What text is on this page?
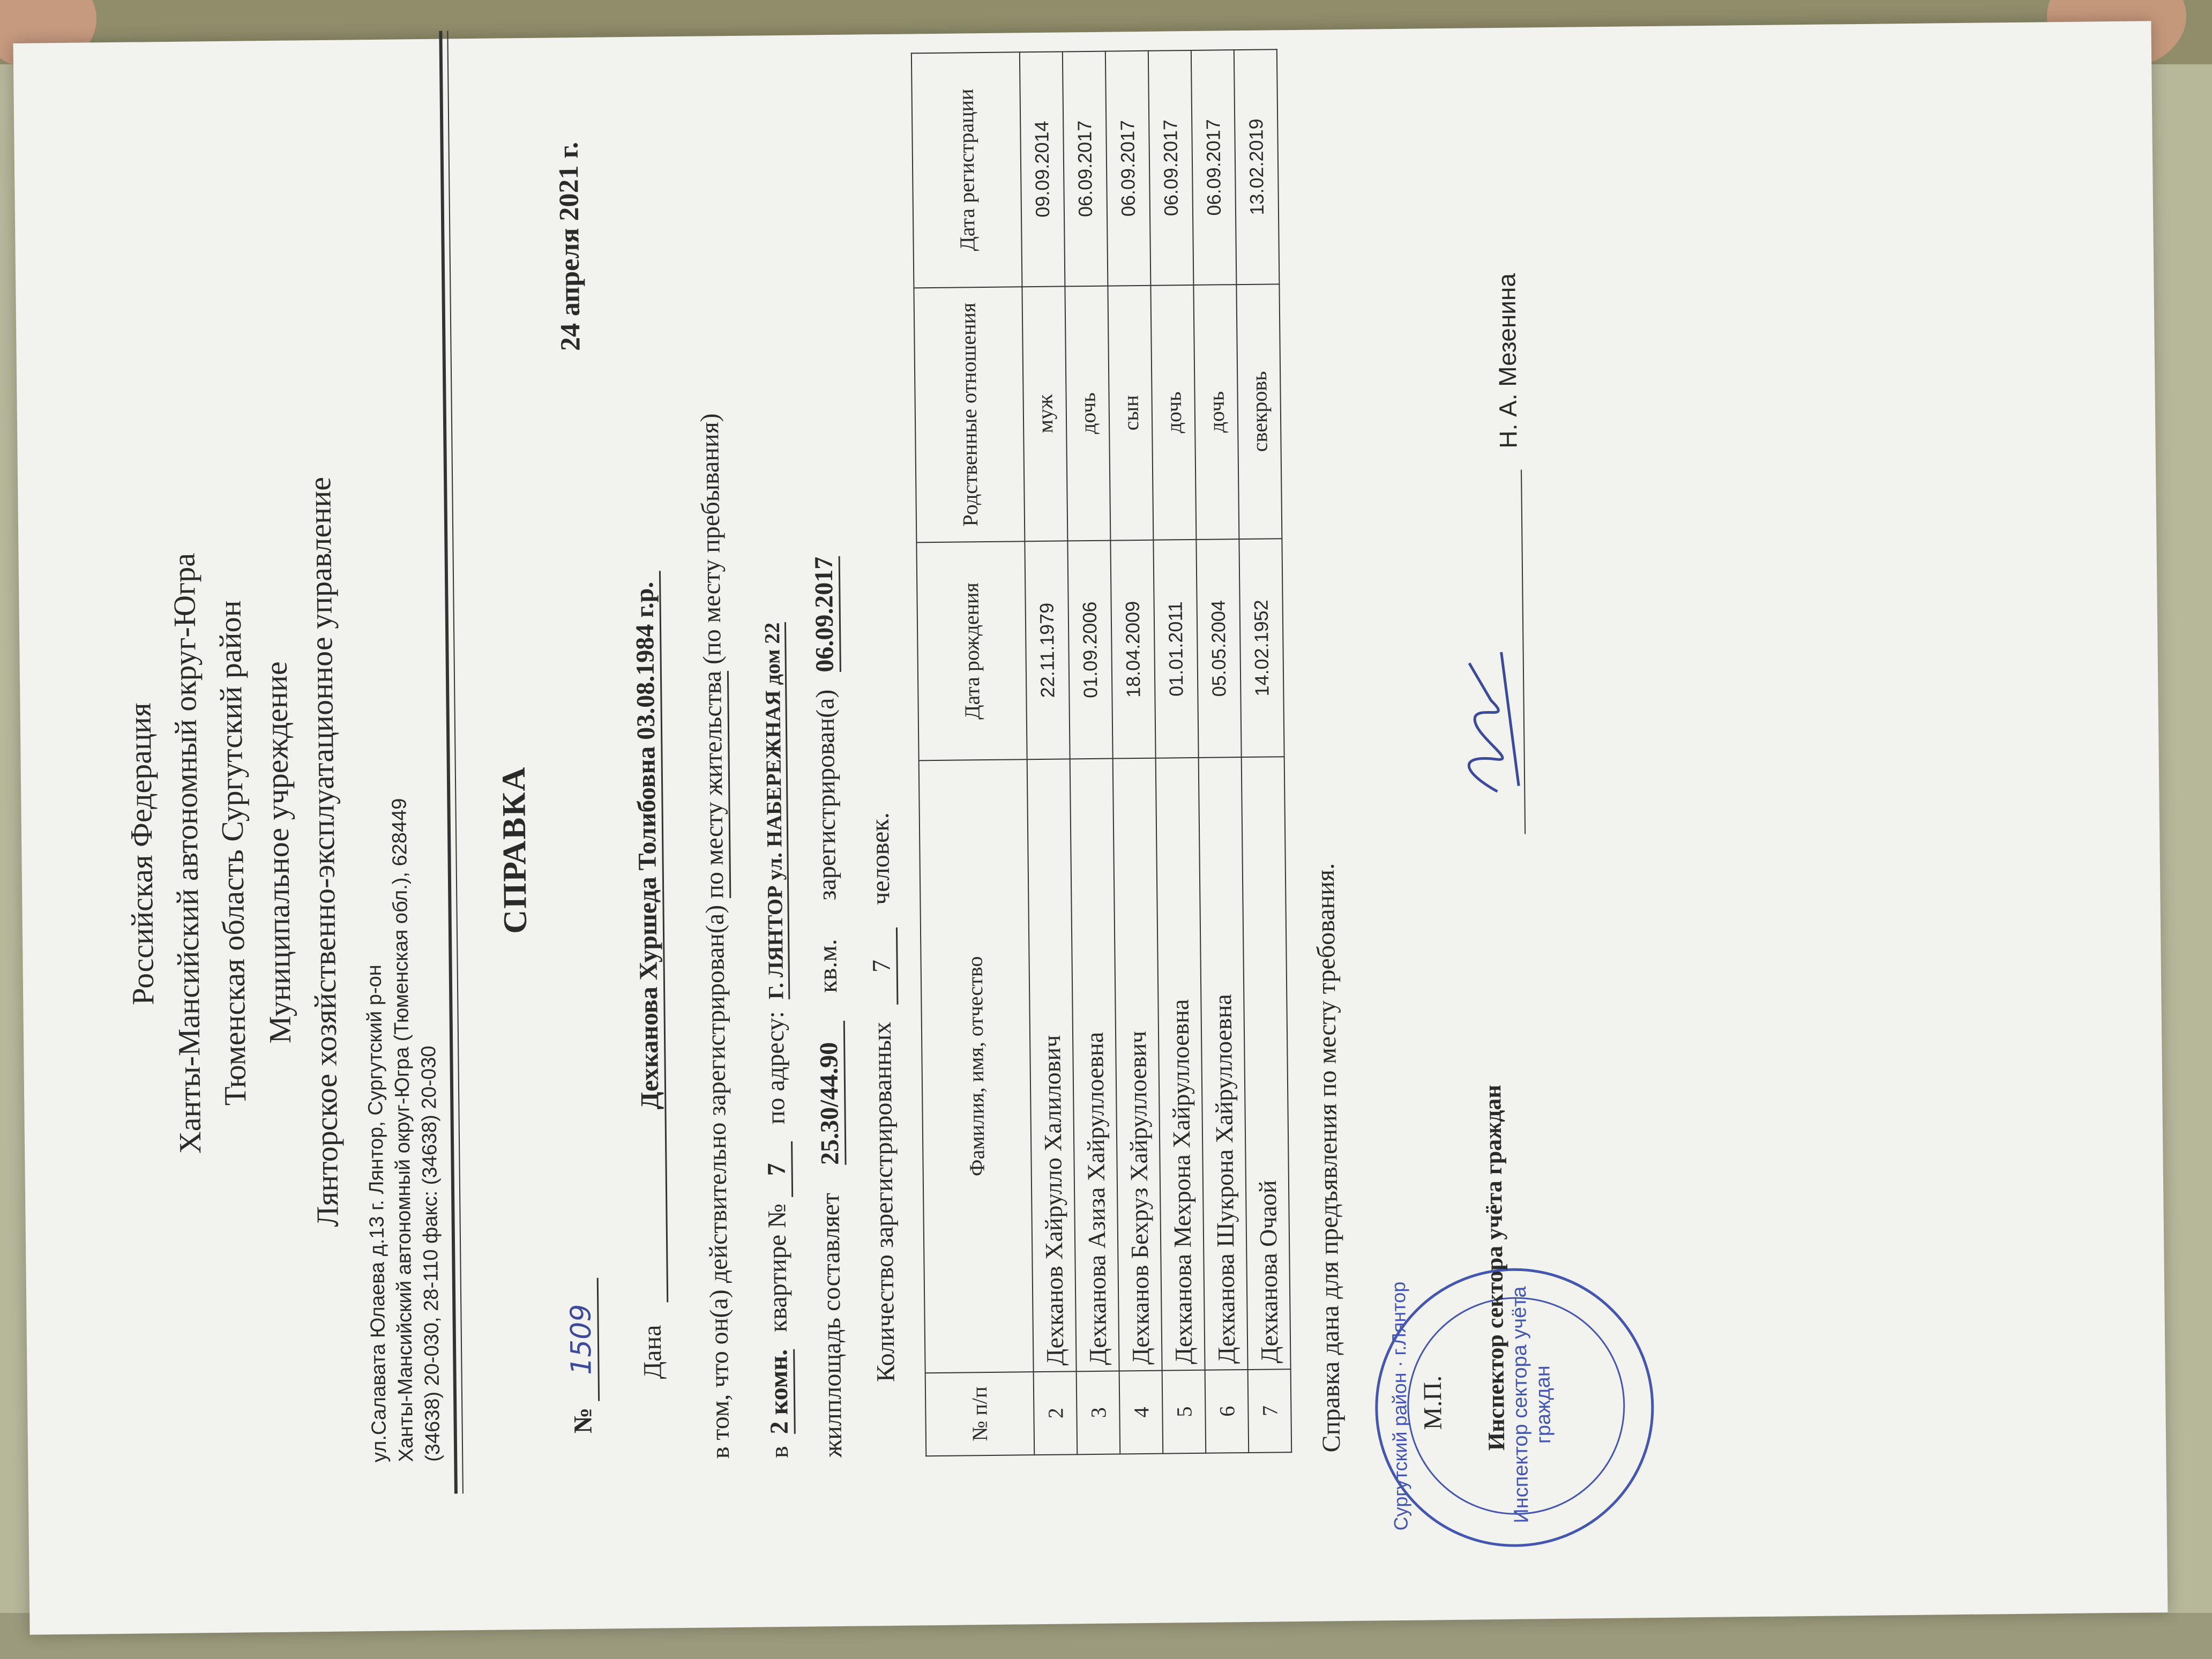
Российская Федерация Ханты-Мансийский автономный округ-Югра Тюменская область Сургутский район Муниципальное учреждение Лянторское хозяйственно-эксплуатационное управление ул.Салавата Юлаева д.13 г. Лянтор, Сургутский р-он
Ханты-Мансийский автономный округ-Югра (Тюменская обл.), 628449 (34638) 20-030, 28-110 факс: (34638) 20-030
СПРАВКА
№ 1509
24 апреля 2021 г.
Дана Дехканова Хуршеда Толибовна 03.08.1984 г.р.
в том, что он(а) действительно зарегистрирован(а) по месту жительства (по месту пребывания)
в 2 комн. квартире № 7 по адресу: Г. ЛЯНТОР ул. НАБЕРЕЖНАЯ дом 22
жилплощадь составляет 25.30/44.90 кв.м. зарегистрирован(а) 06.09.2017
Количество зарегистрированных 7 человек.
№ п/п	Фамилия, имя, отчество	Дата рождения	Родственные отношения	Дата регистрации
2	Дехканов Хайрулло Халилович	22.11.1979	муж	09.09.2014
3	Дехканова Азиза Хайруллоевна	01.09.2006	дочь	06.09.2017
4	Дехканов Бехруз Хайруллоевич	18.04.2009	сын	06.09.2017
5	Дехканова Мехрона Хайруллоевна	01.01.2011	дочь	06.09.2017
6	Дехканова Шукрона Хайруллоевна	05.05.2004	дочь	06.09.2017
7	Дехканова Очаой	14.02.1952	свекровь	13.02.2019
Справка дана для предъявления по месту требования. Сургутский район · г.Лянтор	Инспектор сектора учёта граждан
М.П. Инспектор сектора учёта граждан
Н. А. Мезенина
